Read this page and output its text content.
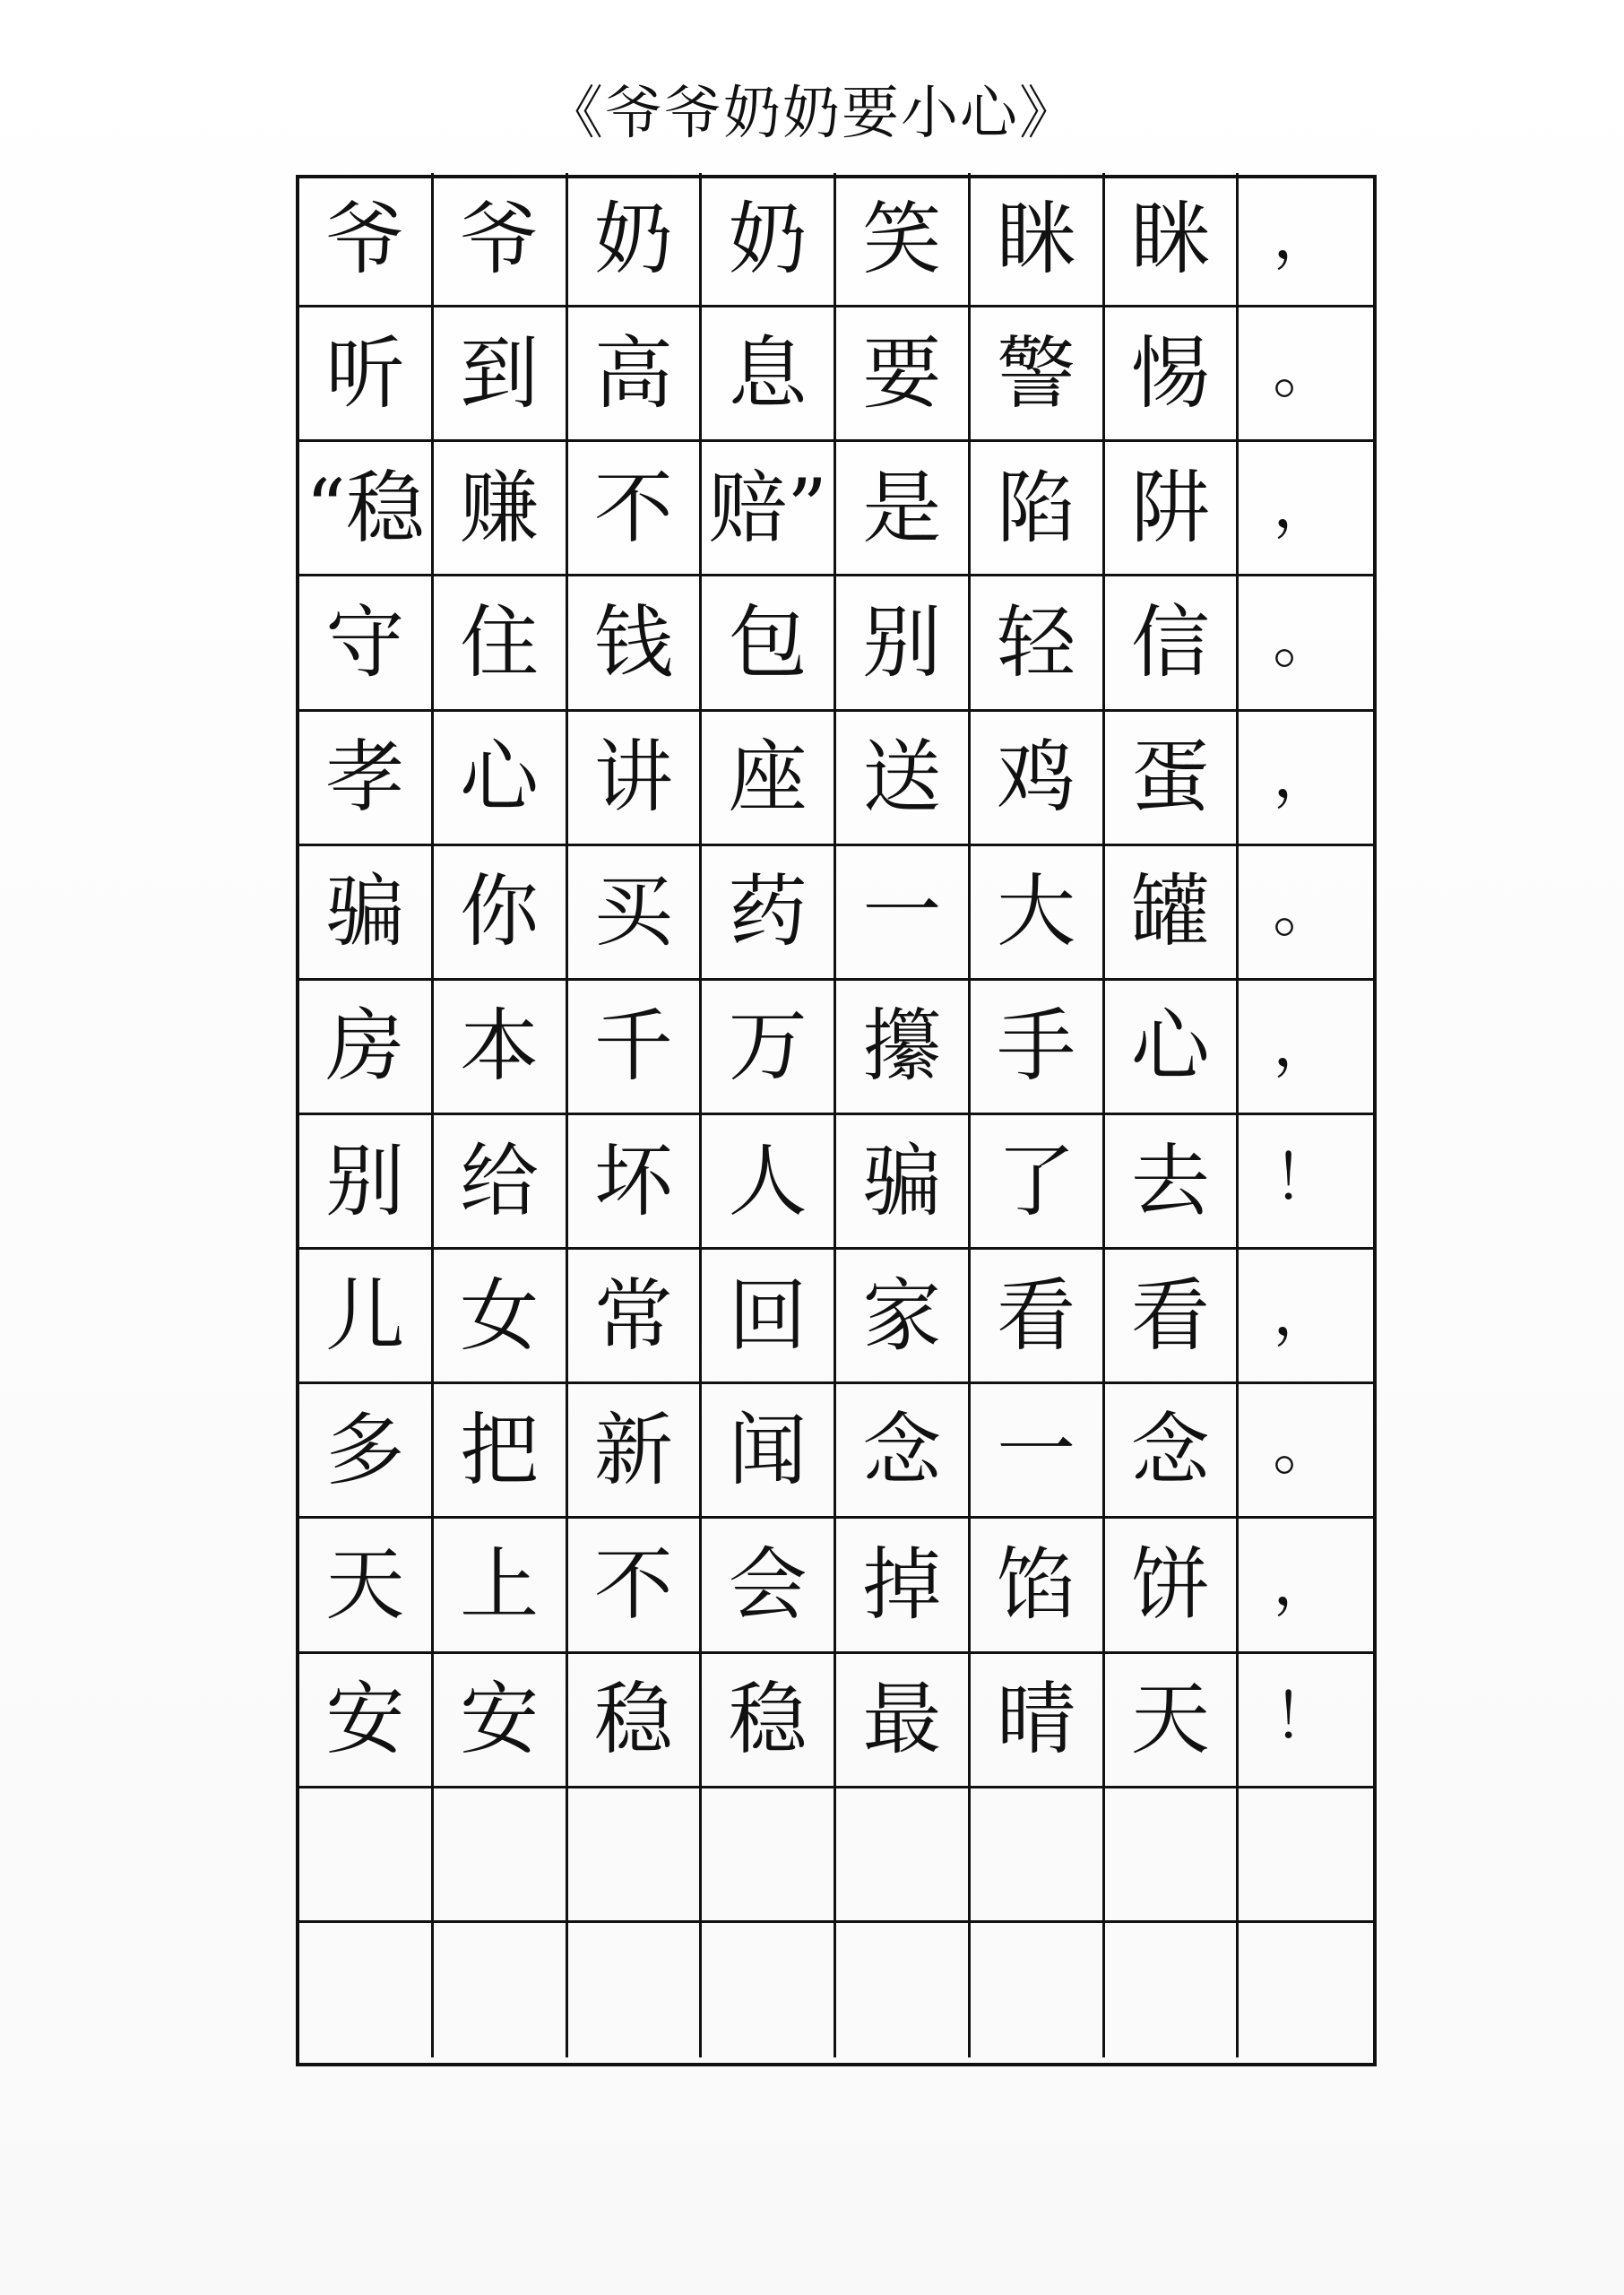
《爷爷奶奶要小心》
爷 爷 奶 奶 笑 眯 眯	，
听 到 高 息 要 警 惕	。
“稳 赚 不 赔” 是 陷 阱	，
守 住 钱 包 别 轻 信	。
孝 心 讲 座 送 鸡 蛋	，
骗 你 买 药 一 大 罐	。
房 本 千 万 攥 手 心	，
别 给 坏 人 骗 了 去	！
儿 女 常 回 家 看 看	，
多 把 新 闻 念 一 念	。
天 上 不 会 掉 馅 饼	，
安 安 稳 稳 最 晴 天	！
